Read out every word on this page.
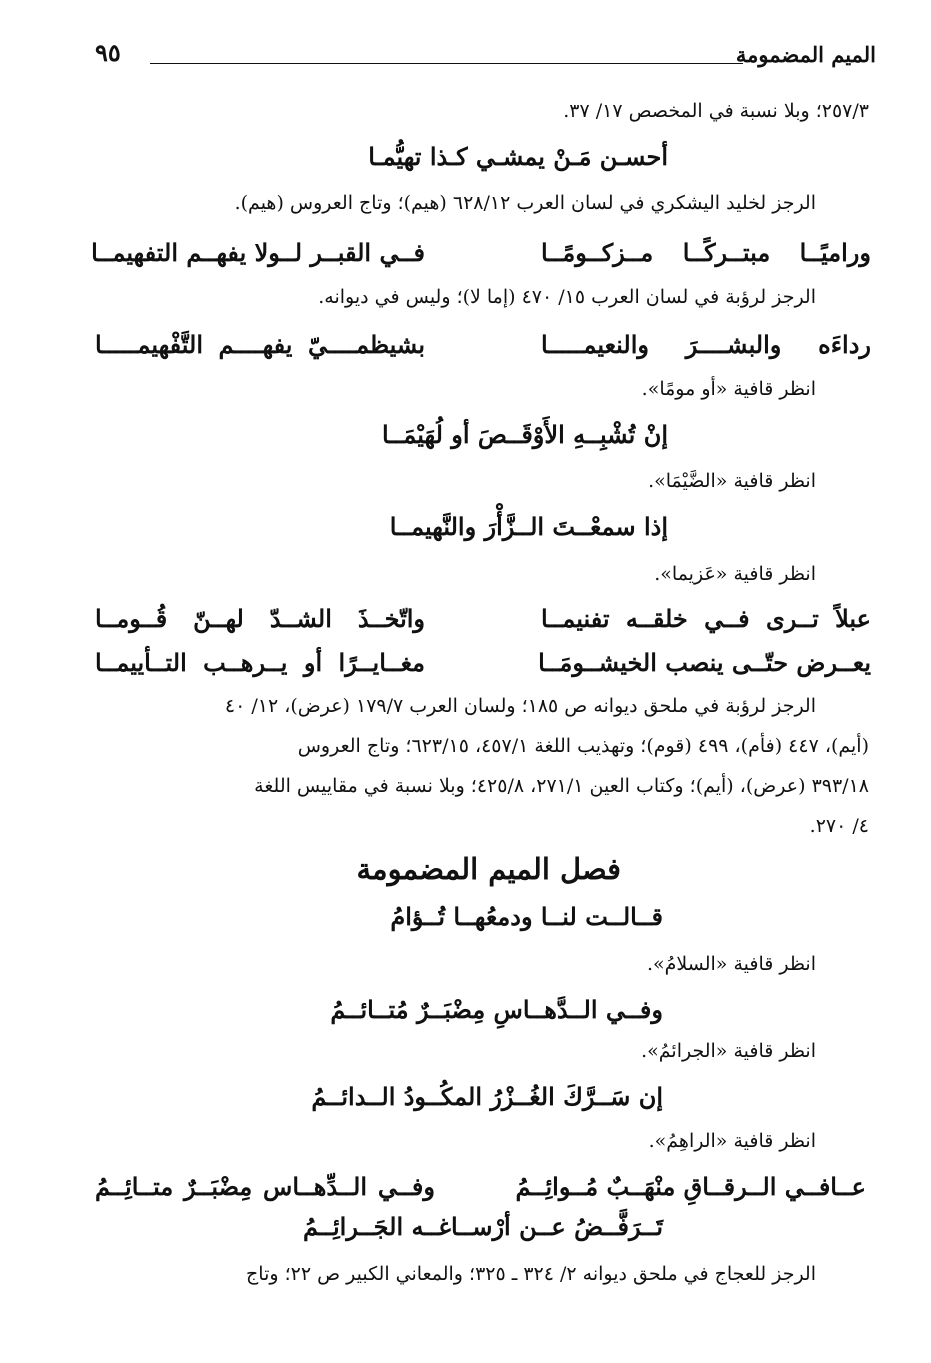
الميم المضمومة
٩٥
٢٥٧/٣؛ وبلا نسبة في المخصص ١٧/ ٣٧.
أحسـن مَـنْ يمشـي كـذا تهيُّمـا
الرجز لخليد اليشكري في لسان العرب ٦٢٨/١٢ (هيم)؛ وتاج العروس (هيم).
وراميًــا مبتــركًــا مــزكــومًــا
فــي القبــر لــولا يفهــم التفهيمــا
الرجز لرؤبة في لسان العرب ١٥/ ٤٧٠ (إما لا)؛ وليس في ديوانه.
رداءَه والبشــــرَ والنعيمـــــا
بشيظمــــيّ يفهــــم التَّفْهيمـــــا
انظر قافية «أو مومًا».
إنْ تُشْبِــهِ الأَوْقَــصَ أو لُهَيْمَــا
انظر قافية «الضَّيْمَا».
إذا سمعْــتَ الــزَّأْرَ والنَّهيمــا
انظر قافية «عَزيما».
عبلاً تــرى فــي خلقــه تفنيمــا
واتّخــذَ الشــدّ لهــنّ قُــومــا
يعــرض حتّــى ينصب الخيشــومَــا
مغــايــرًا أو يــرهــب التــأييمــا
الرجز لرؤبة في ملحق ديوانه ص ١٨٥؛ ولسان العرب ١٧٩/٧ (عرض)، ١٢/ ٤٠
(أيم)، ٤٤٧ (فأم)، ٤٩٩ (قوم)؛ وتهذيب اللغة ٤٥٧/١، ٦٢٣/١٥؛ وتاج العروس
٣٩٣/١٨ (عرض)، (أيم)؛ وكتاب العين ٢٧١/١، ٤٢٥/٨؛ وبلا نسبة في مقاييس اللغة
٤/ ٢٧٠.
فصل الميم المضمومة
قــالــت لنــا ودمعُهــا تُــؤامُ
انظر قافية «السلامُ».
وفــي الــدَّهــاسِ مِضْبَــرٌ مُتــائــمُ
انظر قافية «الجرائمُ».
إن سَــرَّكَ الغُــزْرُ المكُــودُ الــدائــمُ
انظر قافية «الراهِمُ».
عــافــي الــرقــاقِ منْهَــبٌ مُــوائِــمُ
وفــي الــدِّهــاس مِضْبَــرٌ متــائِــمُ
تَــرَفَّــضُ عــن أرْســاغــه الجَــرائِــمُ
الرجز للعجاج في ملحق ديوانه ٢/ ٣٢٤ ـ ٣٢٥؛ والمعاني الكبير ص ٢٢؛ وتاج
